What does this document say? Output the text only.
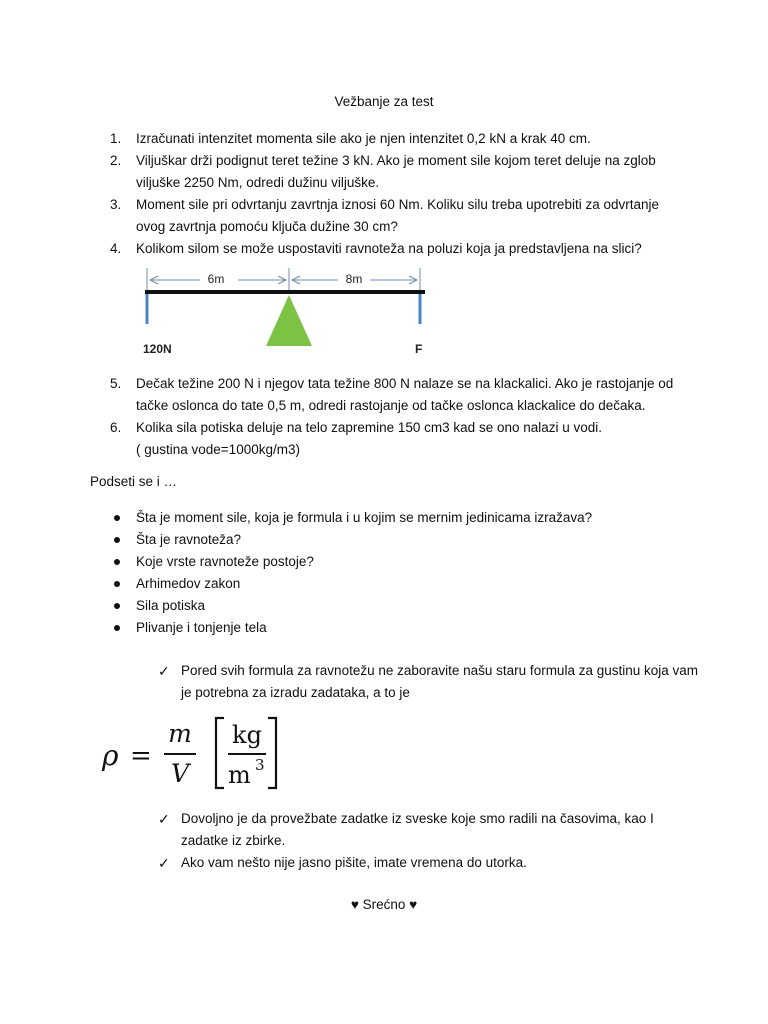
Vežbanje za test
1.	Izračunati intenzitet momenta sile ako je njen intenzitet 0,2 kN a krak 40 cm.
2.	Viljuškar drži podignut teret težine 3 kN. Ako je moment sile kojom teret deluje na zglob viljuške 2250 Nm, odredi dužinu viljuške.
3.	Moment sile pri odvrtanju zavrtnja iznosi 60 Nm. Koliku silu treba upotrebiti za odvrtanje ovog zavrtnja pomoću ključa dužine 30 cm?
4.	Kolikom silom se može uspostaviti ravnoteža na poluzi koja ja predstavljena na slici?
6m	8m
120N	F
5.	Dečak težine 200 N i njegov tata težine 800 N nalaze se na klackalici. Ako je rastojanje od tačke oslonca do tate 0,5 m, odredi rastojanje od tačke oslonca klackalice do dečaka.
6.	Kolika sila potiska deluje na telo zapremine 150 cm3 kad se ono nalazi u vodi.
( gustina vode=1000kg/m3)
Podseti se i …
Šta je moment sile, koja je formula i u kojim se mernim jedinicama izražava?
Šta je ravnoteža?
Koje vrste ravnoteže postoje?
Arhimedov zakon
Sila potiska
Plivanje i tonjenje tela
✓ Pored svih formula za ravnotežu ne zaboravite našu staru formula za gustinu koja vam je potrebna za izradu zadataka, a to je
ρ =
m
V
kg
m 3
✓ Dovoljno je da provežbate zadatke iz sveske koje smo radili na časovima, kao I zadatke iz zbirke.
✓ Ako vam nešto nije jasno pišite, imate vremena do utorka.
♥ Srećno ♥
